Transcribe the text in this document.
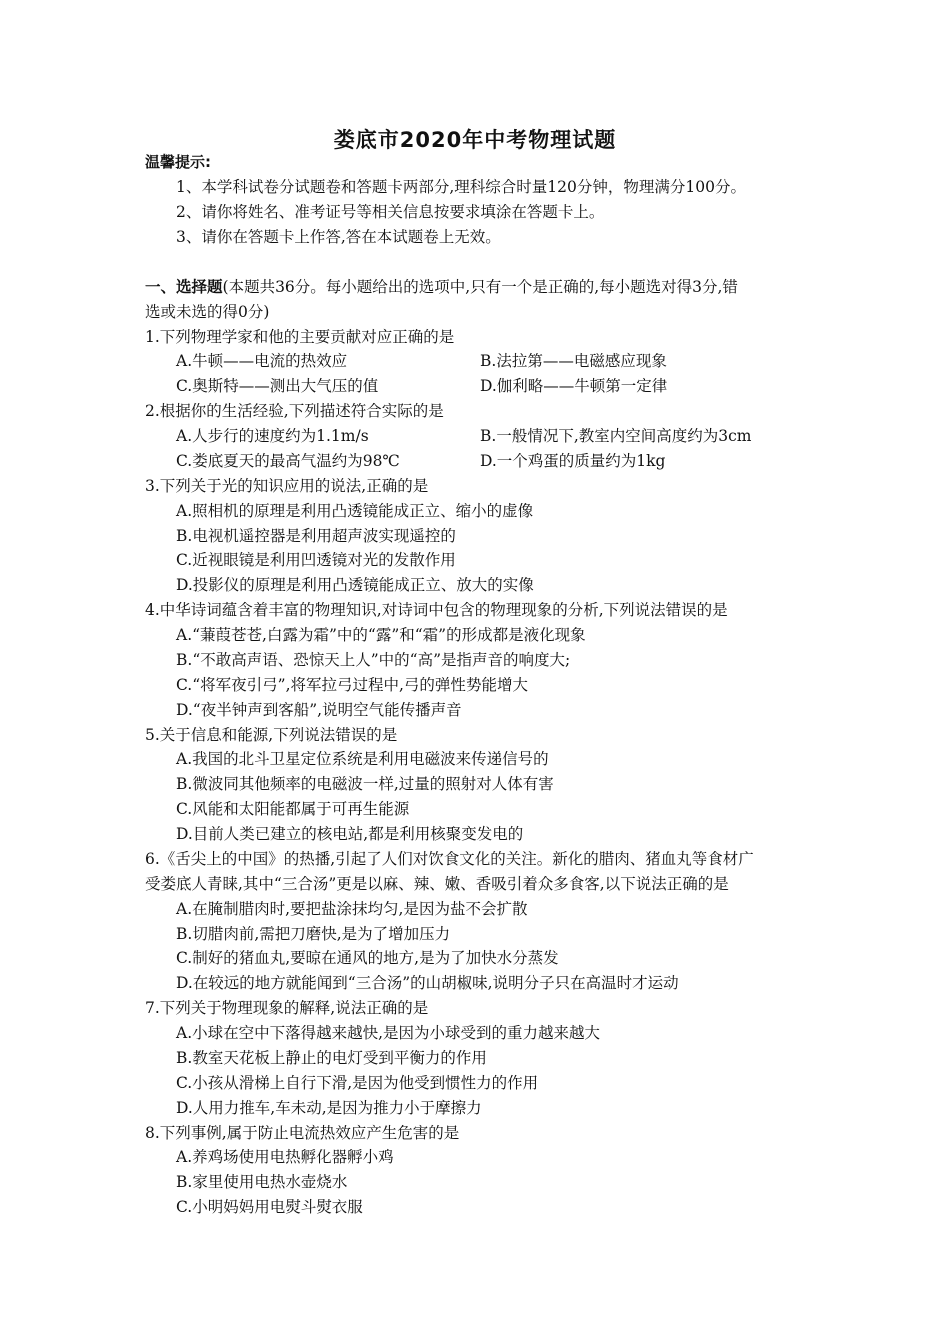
娄底市2020年中考物理试题
温馨提示:
1、本学科试卷分试题卷和答题卡两部分,理科综合时量120分钟，物理满分100分。
2、请你将姓名、准考证号等相关信息按要求填涂在答题卡上。
3、请你在答题卡上作答,答在本试题卷上无效。
一、选择题(本题共36分。每小题给出的选项中,只有一个是正确的,每小题选对得3分,错
选或未选的得0分)
1.下列物理学家和他的主要贡献对应正确的是
A.牛顿——电流的热效应	B.法拉第——电磁感应现象
C.奥斯特——测出大气压的值	D.伽利略——牛顿第一定律
2.根据你的生活经验,下列描述符合实际的是
A.人步行的速度约为1.1m/s	B.一般情况下,教室内空间高度约为3cm
C.娄底夏天的最高气温约为98℃	D.一个鸡蛋的质量约为1kg
3.下列关于光的知识应用的说法,正确的是
A.照相机的原理是利用凸透镜能成正立、缩小的虚像
B.电视机遥控器是利用超声波实现遥控的
C.近视眼镜是利用凹透镜对光的发散作用
D.投影仪的原理是利用凸透镜能成正立、放大的实像
4.中华诗词蕴含着丰富的物理知识,对诗词中包含的物理现象的分析,下列说法错误的是
A.“蒹葭苍苍,白露为霜”中的“露”和“霜”的形成都是液化现象
B.“不敢高声语、恐惊天上人”中的“高”是指声音的响度大;
C.“将军夜引弓”,将军拉弓过程中,弓的弹性势能增大
D.“夜半钟声到客船”,说明空气能传播声音
5.关于信息和能源,下列说法错误的是
A.我国的北斗卫星定位系统是利用电磁波来传递信号的
B.微波同其他频率的电磁波一样,过量的照射对人体有害
C.风能和太阳能都属于可再生能源
D.目前人类已建立的核电站,都是利用核聚变发电的
6.《舌尖上的中国》的热播,引起了人们对饮食文化的关注。新化的腊肉、猪血丸等食材广
受娄底人青睐,其中“三合汤”更是以麻、辣、嫩、香吸引着众多食客,以下说法正确的是
A.在腌制腊肉时,要把盐涂抹均匀,是因为盐不会扩散
B.切腊肉前,需把刀磨快,是为了增加压力
C.制好的猪血丸,要晾在通风的地方,是为了加快水分蒸发
D.在较远的地方就能闻到“三合汤”的山胡椒味,说明分子只在高温时才运动
7.下列关于物理现象的解释,说法正确的是
A.小球在空中下落得越来越快,是因为小球受到的重力越来越大
B.教室天花板上静止的电灯受到平衡力的作用
C.小孩从滑梯上自行下滑,是因为他受到惯性力的作用
D.人用力推车,车未动,是因为推力小于摩擦力
8.下列事例,属于防止电流热效应产生危害的是
A.养鸡场使用电热孵化器孵小鸡
B.家里使用电热水壶烧水
C.小明妈妈用电熨斗熨衣服
